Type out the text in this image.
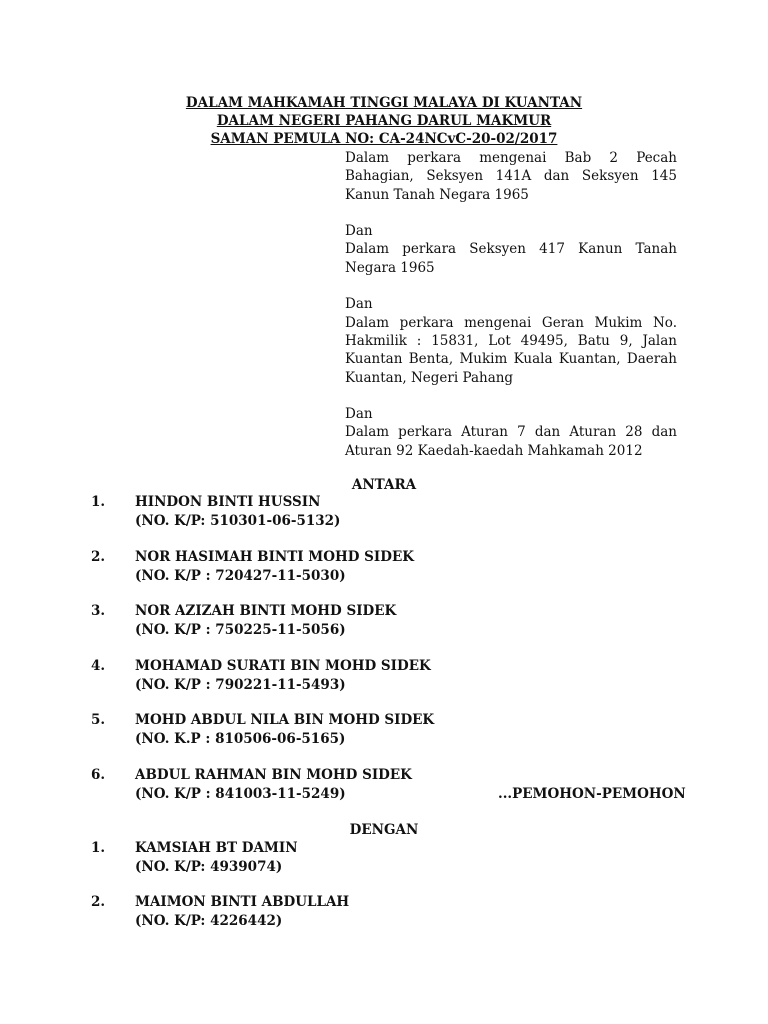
DALAM MAHKAMAH TINGGI MALAYA DI KUANTAN
DALAM NEGERI PAHANG DARUL MAKMUR
SAMAN PEMULA NO: CA-24NCvC-20-02/2017

Dalam perkara mengenai Bab 2 Pecah Bahagian, Seksyen 141A dan Seksyen 145 Kanun Tanah Negara 1965

Dan

Dalam perkara Seksyen 417 Kanun Tanah Negara 1965

Dan

Dalam perkara mengenai Geran Mukim No. Hakmilik : 15831, Lot 49495, Batu 9, Jalan Kuantan Benta, Mukim Kuala Kuantan, Daerah Kuantan, Negeri Pahang

Dan

Dalam perkara Aturan 7 dan Aturan 28 dan Aturan 92 Kaedah-kaedah Mahkamah 2012

ANTARA
1. HINDON BINTI HUSSIN
(NO. K/P: 510301-06-5132)
2. NOR HASIMAH BINTI MOHD SIDEK
(NO. K/P : 720427-11-5030)
3. NOR AZIZAH BINTI MOHD SIDEK
(NO. K/P : 750225-11-5056)
4. MOHAMAD SURATI BIN MOHD SIDEK
(NO. K/P : 790221-11-5493)
5. MOHD ABDUL NILA BIN MOHD SIDEK
(NO. K.P : 810506-06-5165)
6. ABDUL RAHMAN BIN MOHD SIDEK
(NO. K/P : 841003-11-5249)	...PEMOHON-PEMOHON
DENGAN
1. KAMSIAH BT DAMIN
(NO. K/P: 4939074)
2. MAIMON BINTI ABDULLAH
(NO. K/P: 4226442)
